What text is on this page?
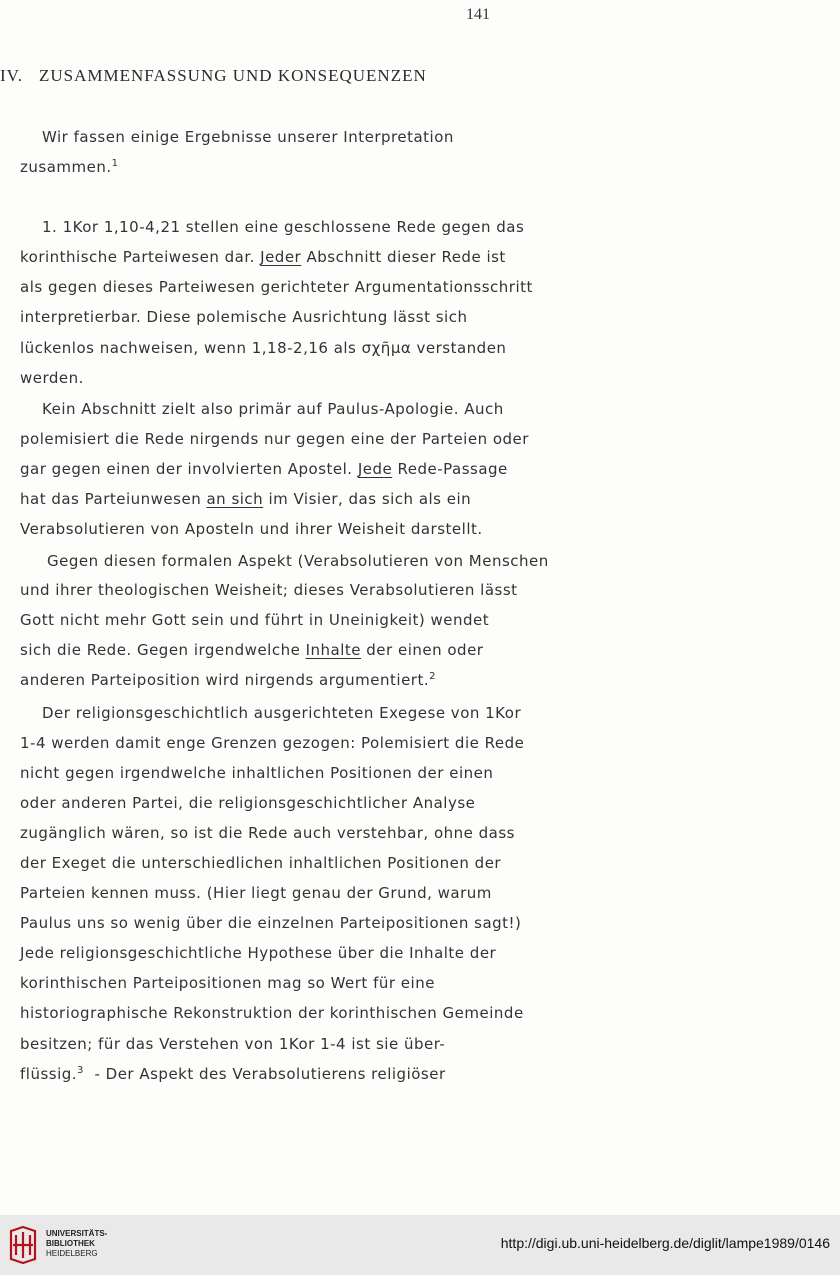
141
IV. ZUSAMMENFASSUNG UND KONSEQUENZEN
Wir fassen einige Ergebnisse unserer Interpretation
zusammen.$^1$
1. 1Kor 1,10-4,21 stellen eine geschlossene Rede gegen das
korinthische Parteiwesen dar. Jeder Abschnitt dieser Rede ist
als gegen dieses Parteiwesen gerichteter Argumentationsschritt
interpretierbar. Diese polemische Ausrichtung lässt sich
lückenlos nachweisen, wenn 1,18-2,16 als σχῆμα verstanden
werden.
Kein Abschnitt zielt also primär auf Paulus-Apologie. Auch
polemisiert die Rede nirgends nur gegen eine der Parteien oder
gar gegen einen der involvierten Apostel. Jede Rede-Passage
hat das Parteiunwesen an sich im Visier, das sich als ein
Verabsolutieren von Aposteln und ihrer Weisheit darstellt.
Gegen diesen formalen Aspekt (Verabsolutieren von Menschen
und ihrer theologischen Weisheit; dieses Verabsolutieren lässt
Gott nicht mehr Gott sein und führt in Uneinigkeit) wendet
sich die Rede. Gegen irgendwelche Inhalte der einen oder
anderen Parteiposition wird nirgends argumentiert.$^2$
Der religionsgeschichtlich ausgerichteten Exegese von 1Kor
1-4 werden damit enge Grenzen gezogen: Polemisiert die Rede
nicht gegen irgendwelche inhaltlichen Positionen der einen
oder anderen Partei, die religionsgeschichtlicher Analyse
zugänglich wären, so ist die Rede auch verstehbar, ohne dass
der Exeget die unterschiedlichen inhaltlichen Positionen der
Parteien kennen muss. (Hier liegt genau der Grund, warum
Paulus uns so wenig über die einzelnen Parteipositionen sagt!)
Jede religionsgeschichtliche Hypothese über die Inhalte der
korinthischen Parteipositionen mag so Wert für eine
historiographische Rekonstruktion der korinthischen Gemeinde
besitzen; für das Verstehen von 1Kor 1-4 ist sie über-
flüssig.$^3$  - Der Aspekt des Verabsolutierens religiöser
UNIVERSITÄTS-
BIBLIOTHEK
HEIDELBERG
http://digi.ub.uni-heidelberg.de/diglit/lampe1989/0146
